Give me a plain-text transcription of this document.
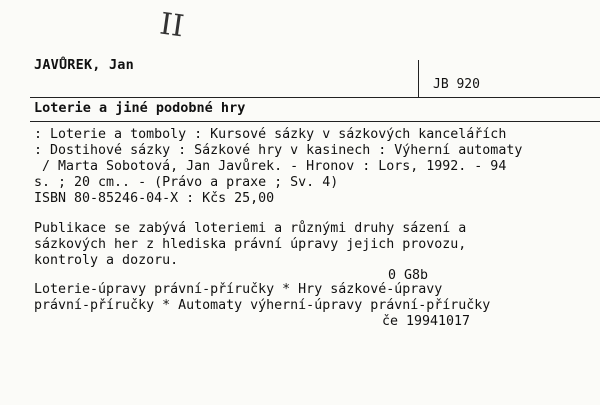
II
JAVŮREK, Jan
JB 920
Loterie a jiné podobné hry
: Loterie a tomboly : Kursové sázky v sázkových kancelářích
: Dostihové sázky : Sázkové hry v kasinech : Výherní automaty
/ Marta Sobotová, Jan Javůrek. - Hronov : Lors, 1992. - 94
s. ; 20 cm.. - (Právo a praxe ; Sv. 4)
ISBN 80-85246-04-X : Kčs 25,00
Publikace se zabývá loteriemi a různými druhy sázení a
sázkových her z hlediska právní úpravy jejich provozu,
kontroly a dozoru.
0 G8b
Loterie-úpravy právní-příručky * Hry sázkové-úpravy
právní-příručky * Automaty výherní-úpravy právní-příručky
če 19941017
